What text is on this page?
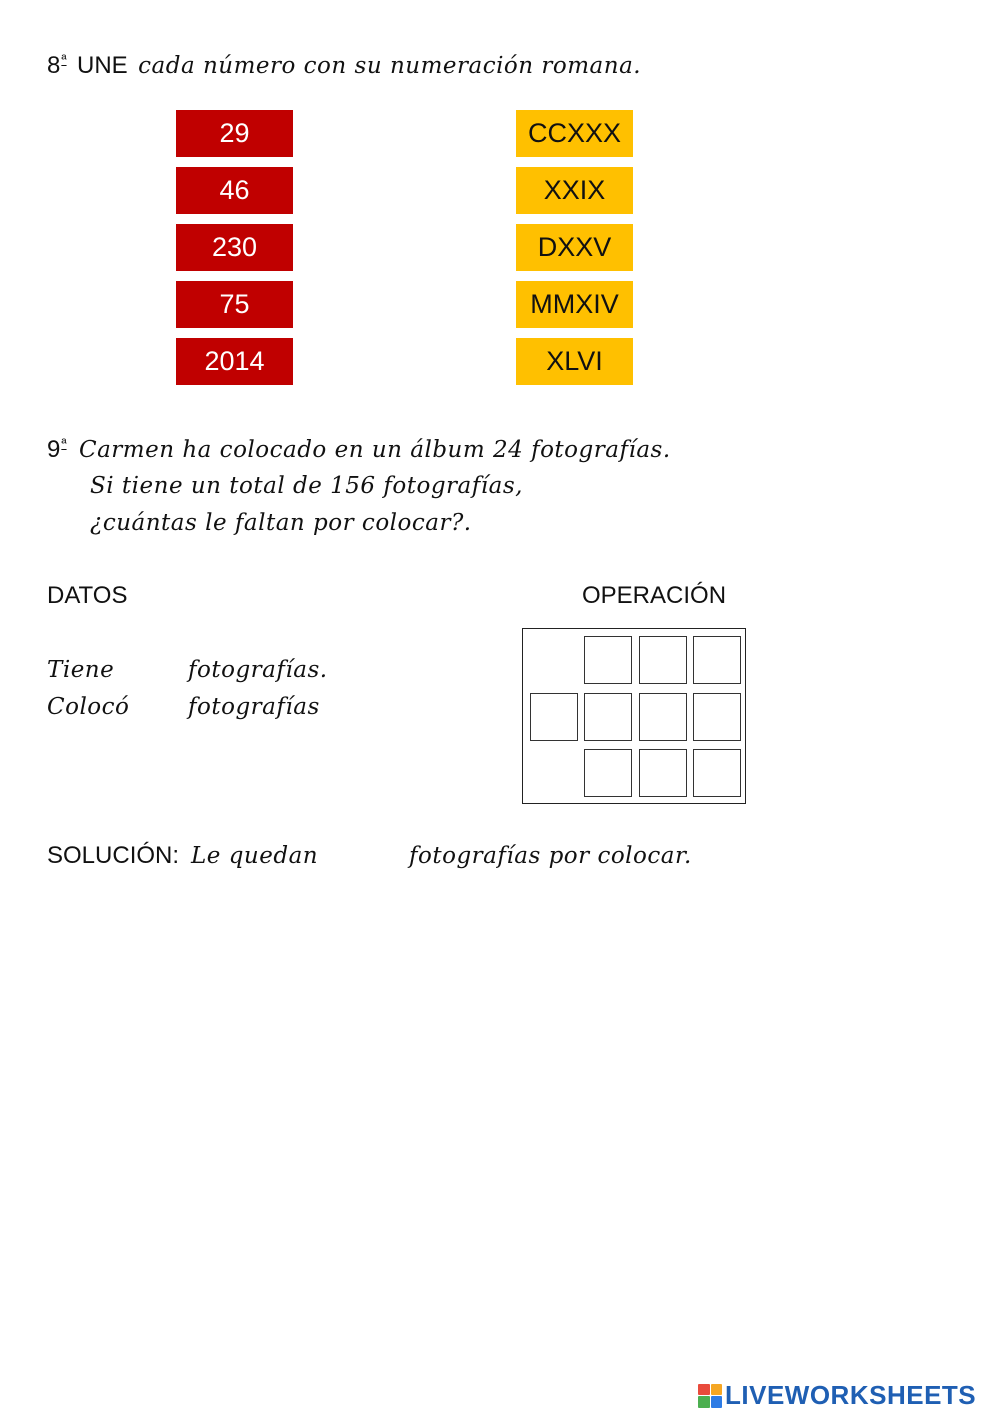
8ª UNE cada número con su numeración romana.
29
46
230
75
2014
CCXXX
XXIX
DXXV
MMXIV
XLVI
9ª Carmen ha colocado en un álbum 24 fotografías.
Si tiene un total de 156 fotografías,
¿cuántas le faltan por colocar?.
DATOS
Tiene	fotografías.
Colocó	fotografías
OPERACIÓN
SOLUCIÓN: Le quedan	fotografías por colocar.
LIVEWORKSHEETS
